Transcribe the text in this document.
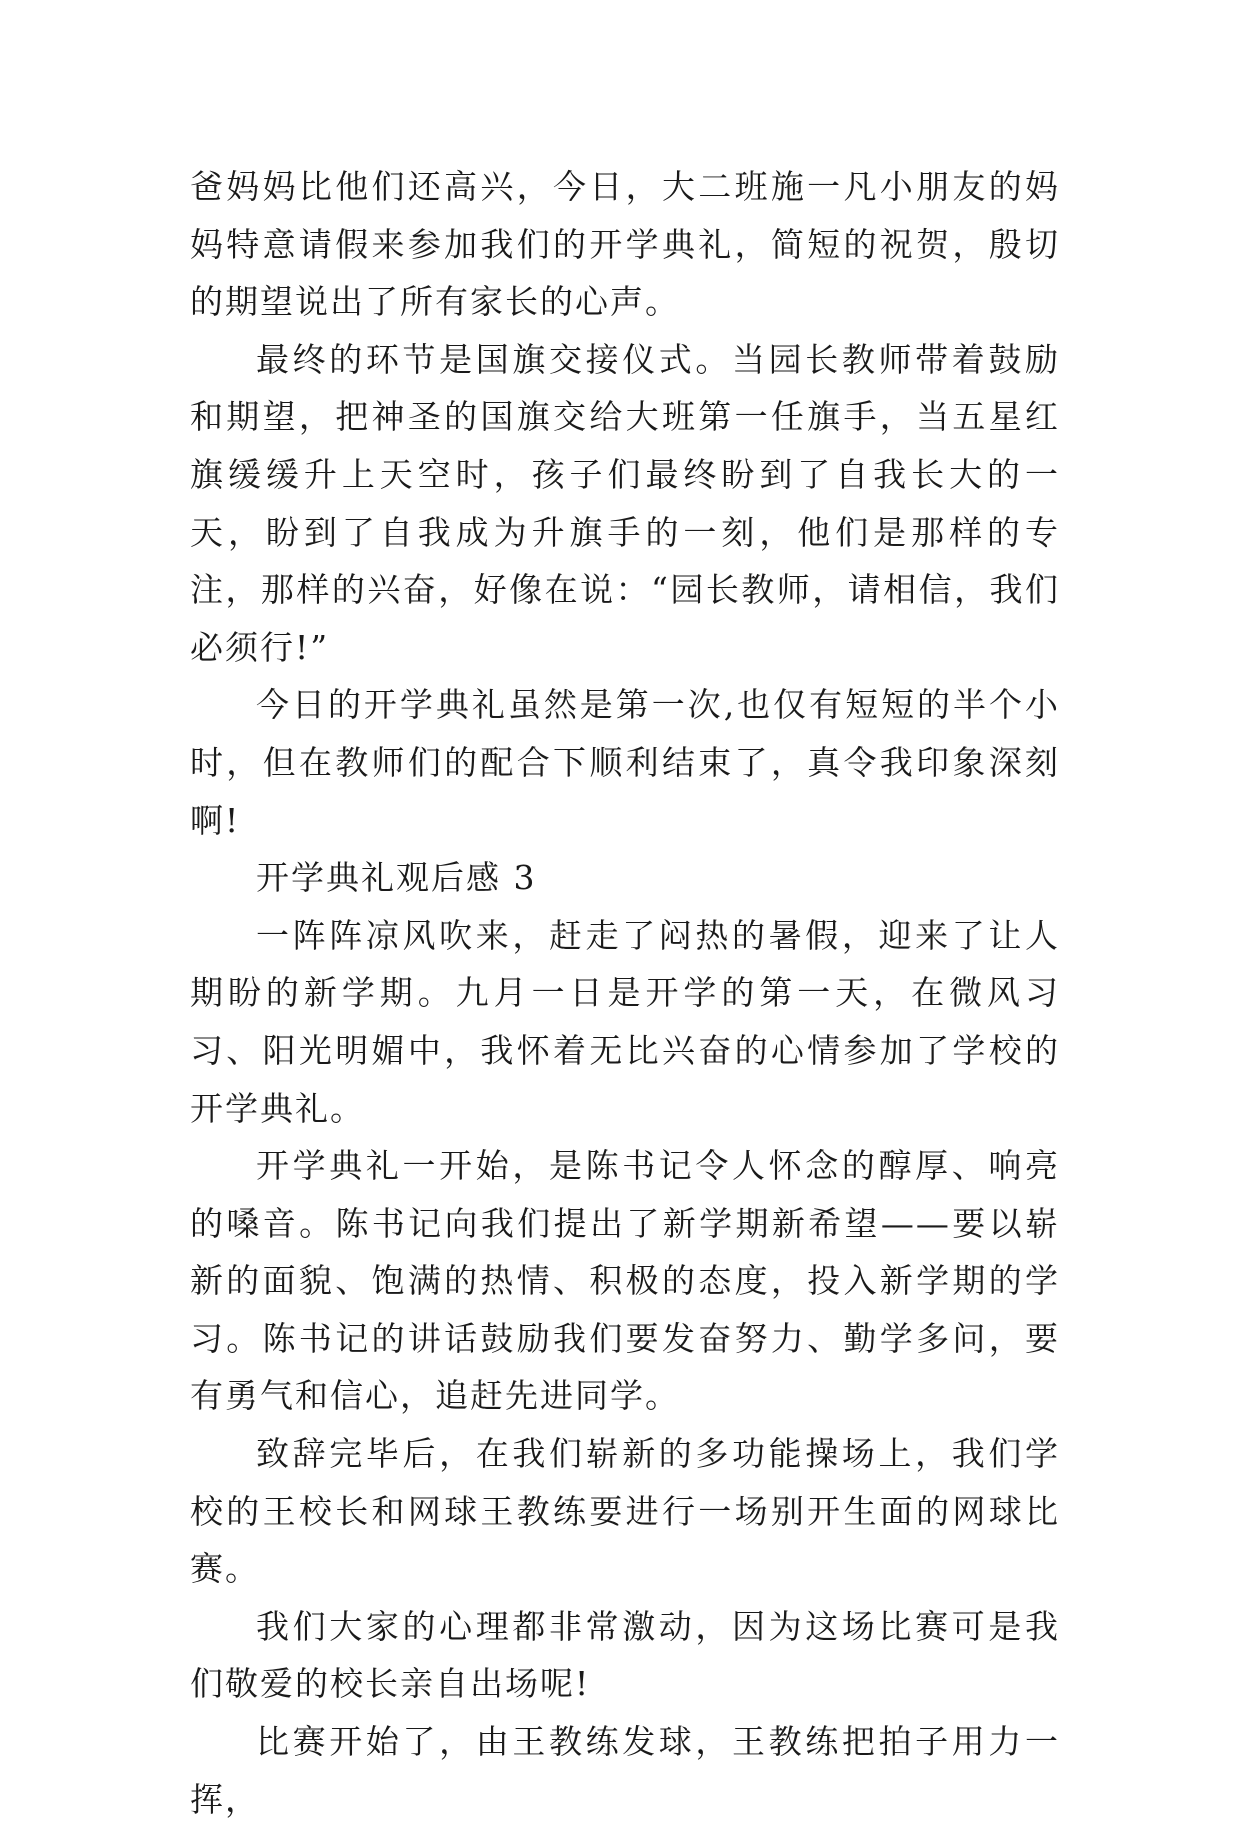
爸妈妈比他们还高兴，今日，大二班施一凡小朋友的妈妈特意请假来参加我们的开学典礼，简短的祝贺，殷切的期望说出了所有家长的心声。

最终的环节是国旗交接仪式。当园长教师带着鼓励和期望，把神圣的国旗交给大班第一任旗手，当五星红旗缓缓升上天空时，孩子们最终盼到了自我长大的一天，盼到了自我成为升旗手的一刻，他们是那样的专注，那样的兴奋，好像在说：“园长教师，请相信，我们必须行!”

今日的开学典礼虽然是第一次,也仅有短短的半个小时，但在教师们的配合下顺利结束了，真令我印象深刻啊!

开学典礼观后感 3

一阵阵凉风吹来，赶走了闷热的暑假，迎来了让人期盼的新学期。九月一日是开学的第一天，在微风习习、阳光明媚中，我怀着无比兴奋的心情参加了学校的开学典礼。

开学典礼一开始，是陈书记令人怀念的醇厚、响亮的嗓音。陈书记向我们提出了新学期新希望——要以崭新的面貌、饱满的热情、积极的态度，投入新学期的学习。陈书记的讲话鼓励我们要发奋努力、勤学多问，要有勇气和信心，追赶先进同学。

致辞完毕后，在我们崭新的多功能操场上，我们学校的王校长和网球王教练要进行一场别开生面的网球比赛。

我们大家的心理都非常激动，因为这场比赛可是我们敬爱的校长亲自出场呢!

比赛开始了，由王教练发球，王教练把拍子用力一挥，
